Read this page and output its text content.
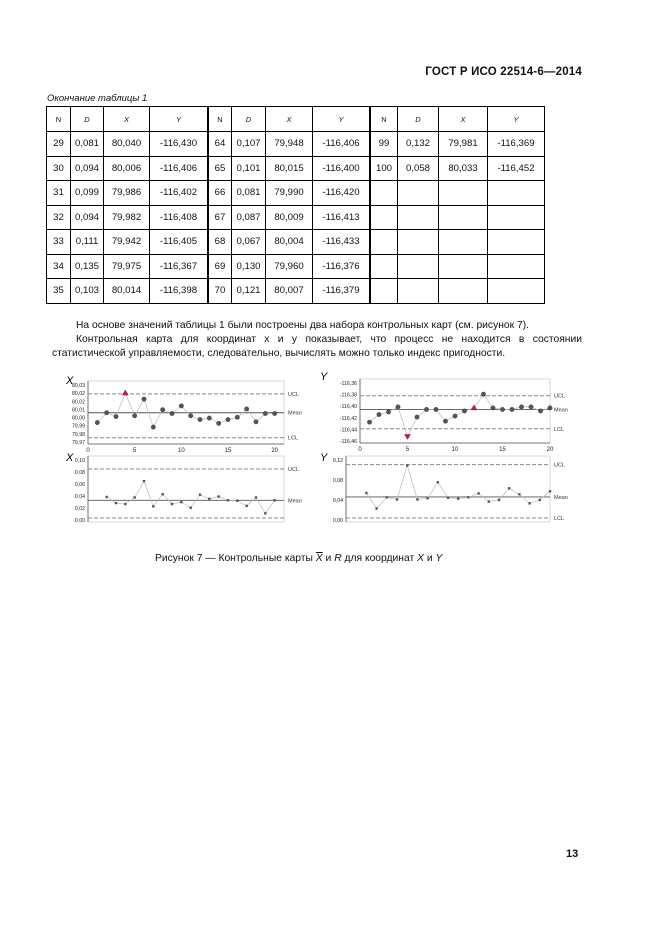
ГОСТ Р ИСО 22514-6—2014
Окончание таблицы 1
N	D	X	Y	N	D	X	Y	N	D	X	Y
29	0,081	80,040	-116,430	64	0,107	79,948	-116,406	99	0,132	79,981	-116,369
30	0,094	80,006	-116,406	65	0,101	80,015	-116,400	100	0,058	80,033	-116,452
31	0,099	79,986	-116,402	66	0,081	79,990	-116,420				
32	0,094	79,982	-116,408	67	0,087	80,009	-116,413				
33	0,111	79,942	-116,405	68	0,067	80,004	-116,433				
34	0,135	79,975	-116,367	69	0,130	79,960	-116,376				
35	0,103	80,014	-116,398	70	0,121	80,007	-116,379				
На основе значений таблицы 1 были построены два набора контрольных карт (см. рисунок 7).
Контрольная карта для координат x и y показывает, что процесс не находится в состоянии статистической управляемости, следовательно, вычислять можно только индекс пригодности.
X
80,03
80,02
80,02
80,01
80,00
79,99
79,98
79,97
UCL
Mean
LCL
0	5	10	15	20
Y
-116,36
-116,38
-116,40
-116,42
-116,44
-116,46
UCL
Mean
LCL
0	5	10	15	20
X 0,10
0,08
0,06
0,04
0,02
0,00
UCL
Mean
Y 0,12
0,08
0,04
0,00
UCL
Mean
LCL
Рисунок 7 — Контрольные карты $\overline{X}$ и R для координат X и Y
13
